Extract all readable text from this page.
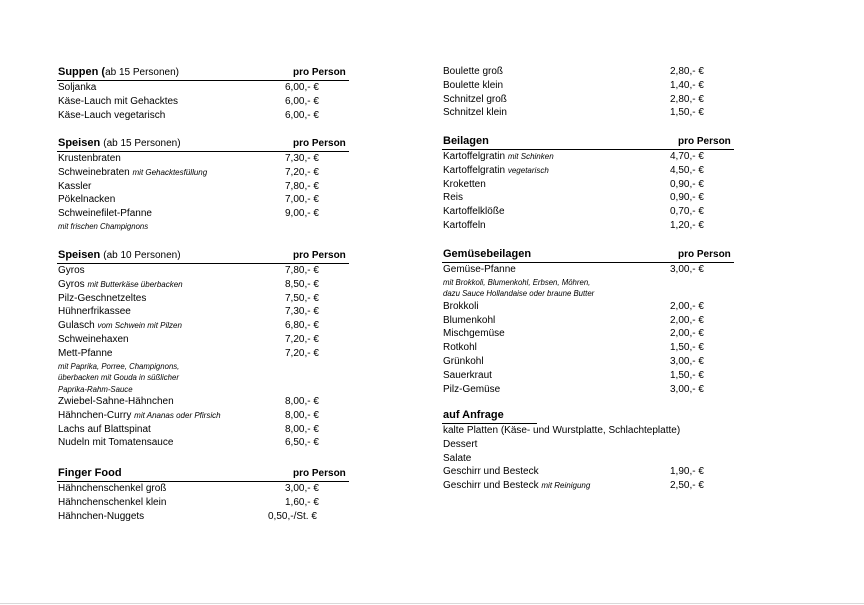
Suppen (ab 15 Personen)	pro Person
Soljanka	6,00,- €
Käse-Lauch mit Gehacktes	6,00,- €
Käse-Lauch vegetarisch	6,00,- €
Speisen (ab 15 Personen)	pro Person
Krustenbraten	7,30,- €
Schweinebraten mit Gehacktesfüllung	7,20,- €
Kassler	7,80,- €
Pökelnacken	7,00,- €
Schweinefilet-Pfanne	9,00,- €
mit frischen Champignons
Speisen (ab 10 Personen)	pro Person
Gyros	7,80,- €
Gyros mit Butterkäse überbacken	8,50,- €
Pilz-Geschnetzeltes	7,50,- €
Hühnerfrikassee	7,30,- €
Gulasch vom Schwein mit Pilzen	6,80,- €
Schweinehaxen	7,20,- €
Mett-Pfanne	7,20,- €
mit Paprika, Porree, Champignons,
überbacken mit Gouda in süßlicher
Paprika-Rahm-Sauce
Zwiebel-Sahne-Hähnchen	8,00,- €
Hähnchen-Curry mit Ananas oder Pfirsich	8,00,- €
Lachs auf Blattspinat	8,00,- €
Nudeln mit Tomatensauce	6,50,- €
Finger Food	pro Person
Hähnchenschenkel groß	3,00,- €
Hähnchenschenkel klein	1,60,- €
Hähnchen-Nuggets	0,50,-/St. €
Boulette groß	2,80,- €
Boulette klein	1,40,- €
Schnitzel groß	2,80,- €
Schnitzel klein	1,50,- €
Beilagen	pro Person
Kartoffelgratin mit Schinken	4,70,- €
Kartoffelgratin vegetarisch	4,50,- €
Kroketten	0,90,- €
Reis	0,90,- €
Kartoffelklöße	0,70,- €
Kartoffeln	1,20,- €
Gemüsebeilagen	pro Person
Gemüse-Pfanne	3,00,- €
mit Brokkoli, Blumenkohl, Erbsen, Möhren,
dazu Sauce Hollandaise oder braune Butter
Brokkoli	2,00,- €
Blumenkohl	2,00,- €
Mischgemüse	2,00,- €
Rotkohl	1,50,- €
Grünkohl	3,00,- €
Sauerkraut	1,50,- €
Pilz-Gemüse	3,00,- €
auf Anfrage
kalte Platten (Käse- und Wurstplatte, Schlachteplatte)
Dessert
Salate
Geschirr und Besteck	1,90,- €
Geschirr und Besteck mit Reinigung	2,50,- €
